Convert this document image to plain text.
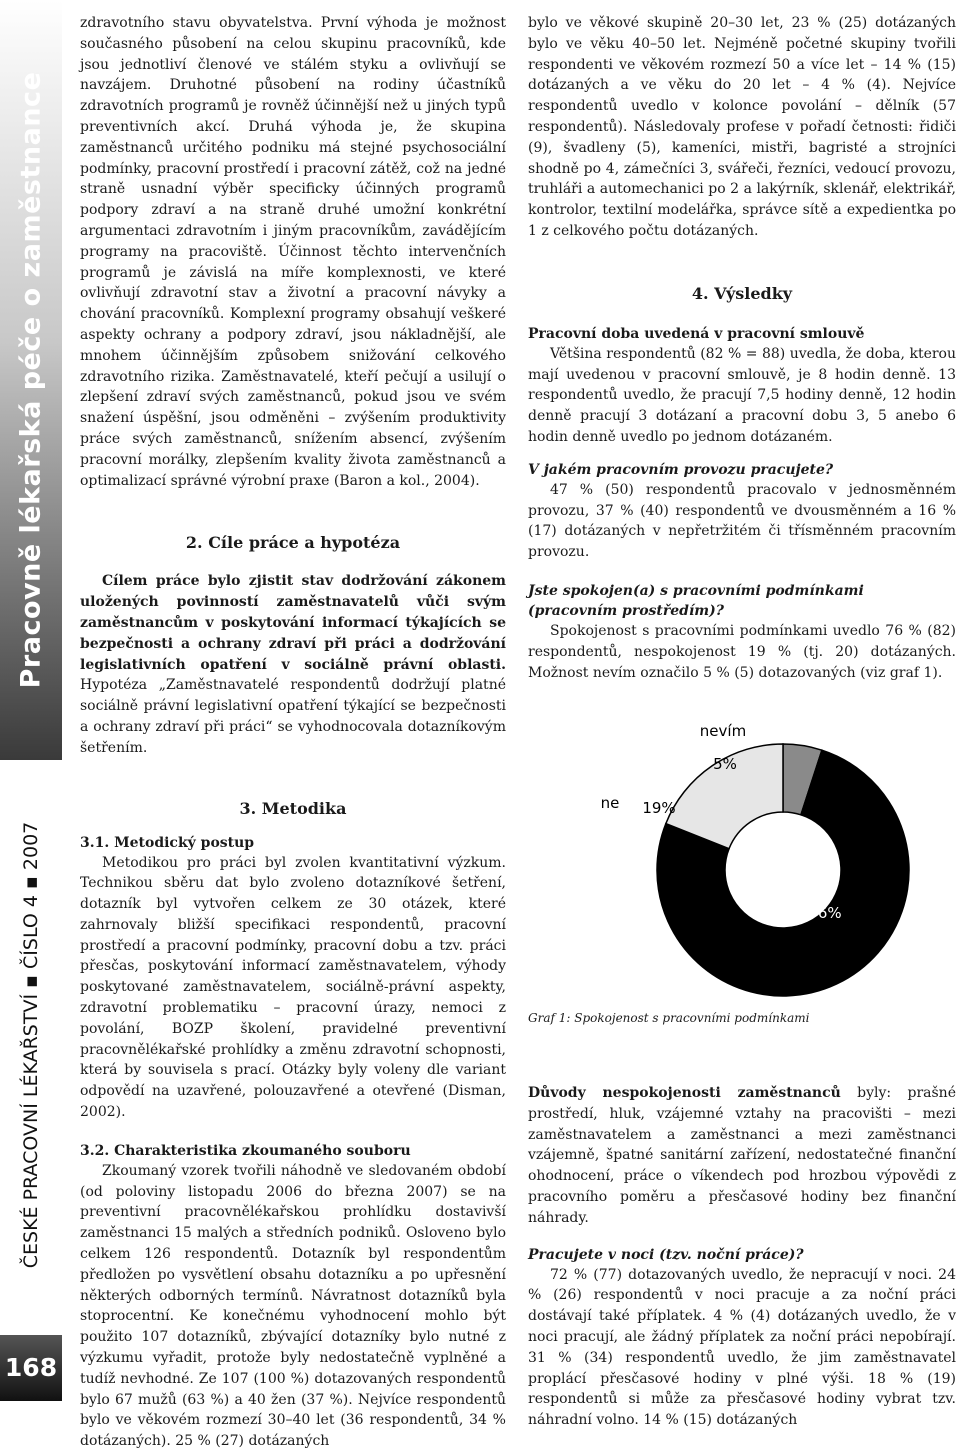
Pracovně lékařská péče o zaměstnance
ČESKÉ PRACOVNÍ LÉKAŘSTVÍ ▪ ČÍSLO 4 ▪ 2007
168

zdravotního stavu obyvatelstva. První výhoda je možnost současného působení na celou skupinu pracovníků, kde jsou jednotliví členové ve stálém styku a ovlivňují se navzájem. Druhotné působení na rodiny účastníků zdravotních programů je rovněž účinnější než u jiných typů preventivních akcí. Druhá výhoda je, že skupina zaměstnanců určitého podniku má stejné psychosociální podmínky, pracovní prostředí i pracovní zátěž, což na jedné straně usnadní výběr specificky účinných programů podpory zdraví a na straně druhé umožní konkrétní argumentaci zdravotním i jiným pracovníkům, zavádějícím programy na pracoviště. Účinnost těchto intervenčních programů je závislá na míře komplexnosti, ve které ovlivňují zdravotní stav a životní a pracovní návyky a chování pracovníků. Komplexní programy obsahují veškeré aspekty ochrany a podpory zdraví, jsou nákladnější, ale mnohem účinnějším způsobem snižování celkového zdravotního rizika. Zaměstnavatelé, kteří pečují a usilují o zlepšení zdraví svých zaměstnanců, pokud jsou ve svém snažení úspěšní, jsou odměněni – zvýšením produktivity práce svých zaměstnanců, snížením absencí, zvýšením pracovní morálky, zlepšením kvality života zaměstnanců a optimalizací správné výrobní praxe (Baron a kol., 2004).

2. Cíle práce a hypotéza

Cílem práce bylo zjistit stav dodržování zákonem uložených povinností zaměstnavatelů vůči svým zaměstnancům v poskytování informací týkajících se bezpečnosti a ochrany zdraví při práci a dodržování legislativních opatření v sociálně právní oblasti. Hypotéza „Zaměstnavatelé respondentů dodržují platné sociálně právní legislativní opatření týkající se bezpečnosti a ochrany zdraví při práci“ se vyhodnocovala dotazníkovým šetřením.

3. Metodika
3.1. Metodický postup

Metodikou pro práci byl zvolen kvantitativní výzkum. Technikou sběru dat bylo zvoleno dotazníkové šetření, dotazník byl vytvořen celkem ze 30 otázek, které zahrnovaly bližší specifikaci respondentů, pracovní prostředí a pracovní podmínky, pracovní dobu a tzv. práci přesčas, poskytování informací zaměstnavatelem, výhody poskytované zaměstnavatelem, sociálně-právní aspekty, zdravotní problematiku – pracovní úrazy, nemoci z povolání, BOZP školení, pravidelné preventivní pracovnělékařské prohlídky a změnu zdravotní schopnosti, která by souvisela s prací. Otázky byly voleny dle variant odpovědí na uzavřené, polouzavřené a otevřené (Disman, 2002).

3.2. Charakteristika zkoumaného souboru

Zkoumaný vzorek tvořili náhodně ve sledovaném období (od poloviny listopadu 2006 do března 2007) se na preventivní pracovnělékařskou prohlídku dostavivší zaměstnanci 15 malých a středních podniků. Osloveno bylo celkem 126 respondentů. Dotazník byl respondentům předložen po vysvětlení obsahu dotazníku a po upřesnění některých odborných termínů. Návratnost dotazníků byla stoprocentní. Ke konečnému vyhodnocení mohlo být použito 107 dotazníků, zbývající dotazníky bylo nutné z výzkumu vyřadit, protože byly nedostatečně vyplněné a tudíž nevhodné. Ze 107 (100 %) dotazovaných respondentů bylo 67 mužů (63 %) a 40 žen (37 %). Nejvíce respondentů bylo ve věkovém rozmezí 30–40 let (36 respondentů, 34 % dotázaných). 25 % (27) dotázaných

bylo ve věkové skupině 20–30 let, 23 % (25) dotázaných bylo ve věku 40–50 let. Nejméně početné skupiny tvořili respondenti ve věkovém rozmezí 50 a více let – 14 % (15) dotázaných a ve věku do 20 let – 4 % (4). Nejvíce respondentů uvedlo v kolonce povolání – dělník (57 respondentů). Následovaly profese v pořadí četnosti: řidiči (9), švadleny (5), kameníci, mistři, bagristé a strojníci shodně po 4, zámečníci 3, svářeči, řezníci, vedoucí provozu, truhláři a automechanici po 2 a lakýrník, sklenář, elektrikář, kontrolor, textilní modelářka, správce sítě a expedientka po 1 z celkového počtu dotázaných.

4. Výsledky
Pracovní doba uvedená v pracovní smlouvě

Většina respondentů (82 % = 88) uvedla, že doba, kterou mají uvedenou v pracovní smlouvě, je 8 hodin denně. 13 respondentů uvedlo, že pracují 7,5 hodiny denně, 12 hodin denně pracují 3 dotázaní a pracovní dobu 3, 5 anebo 6 hodin denně uvedlo po jednom dotázaném.

V jakém pracovním provozu pracujete?

47 % (50) respondentů pracovalo v jednosměnném provozu, 37 % (40) respondentů ve dvousměnném a 16 % (17) dotázaných v nepřetržitém či třísměnném pracovním provozu.

Jste spokojen(a) s pracovními podmínkami (pracovním prostředím)?

Spokojenost s pracovními podmínkami uvedlo 76 % (82) respondentů, nespokojenost 19 % (tj. 20) dotázaných. Možnost nevím označilo 5 % (5) dotazovaných (viz graf 1).

nevím
ne
ano
5%
19%
76%
Graf 1: Spokojenost s pracovními podmínkami

Důvody nespokojenosti zaměstnanců byly: prašné prostředí, hluk, vzájemné vztahy na pracovišti – mezi zaměstnavatelem a zaměstnanci a mezi zaměstnanci vzájemně, špatné sanitární zařízení, nedostatečné finanční ohodnocení, práce o víkendech pod hrozbou výpovědi z pracovního poměru a přesčasové hodiny bez finanční náhrady.

Pracujete v noci (tzv. noční práce)?

72 % (77) dotazovaných uvedlo, že nepracují v noci. 24 % (26) respondentů v noci pracuje a za noční práci dostávají také příplatek. 4 % (4) dotázaných uvedlo, že v noci pracují, ale žádný příplatek za noční práci nepobírají. 31 % (34) respondentů uvedlo, že jim zaměstnavatel proplácí přesčasové hodiny v plné výši. 18 % (19) respondentů si může za přesčasové hodiny vybrat tzv. náhradní volno. 14 % (15) dotázaných
